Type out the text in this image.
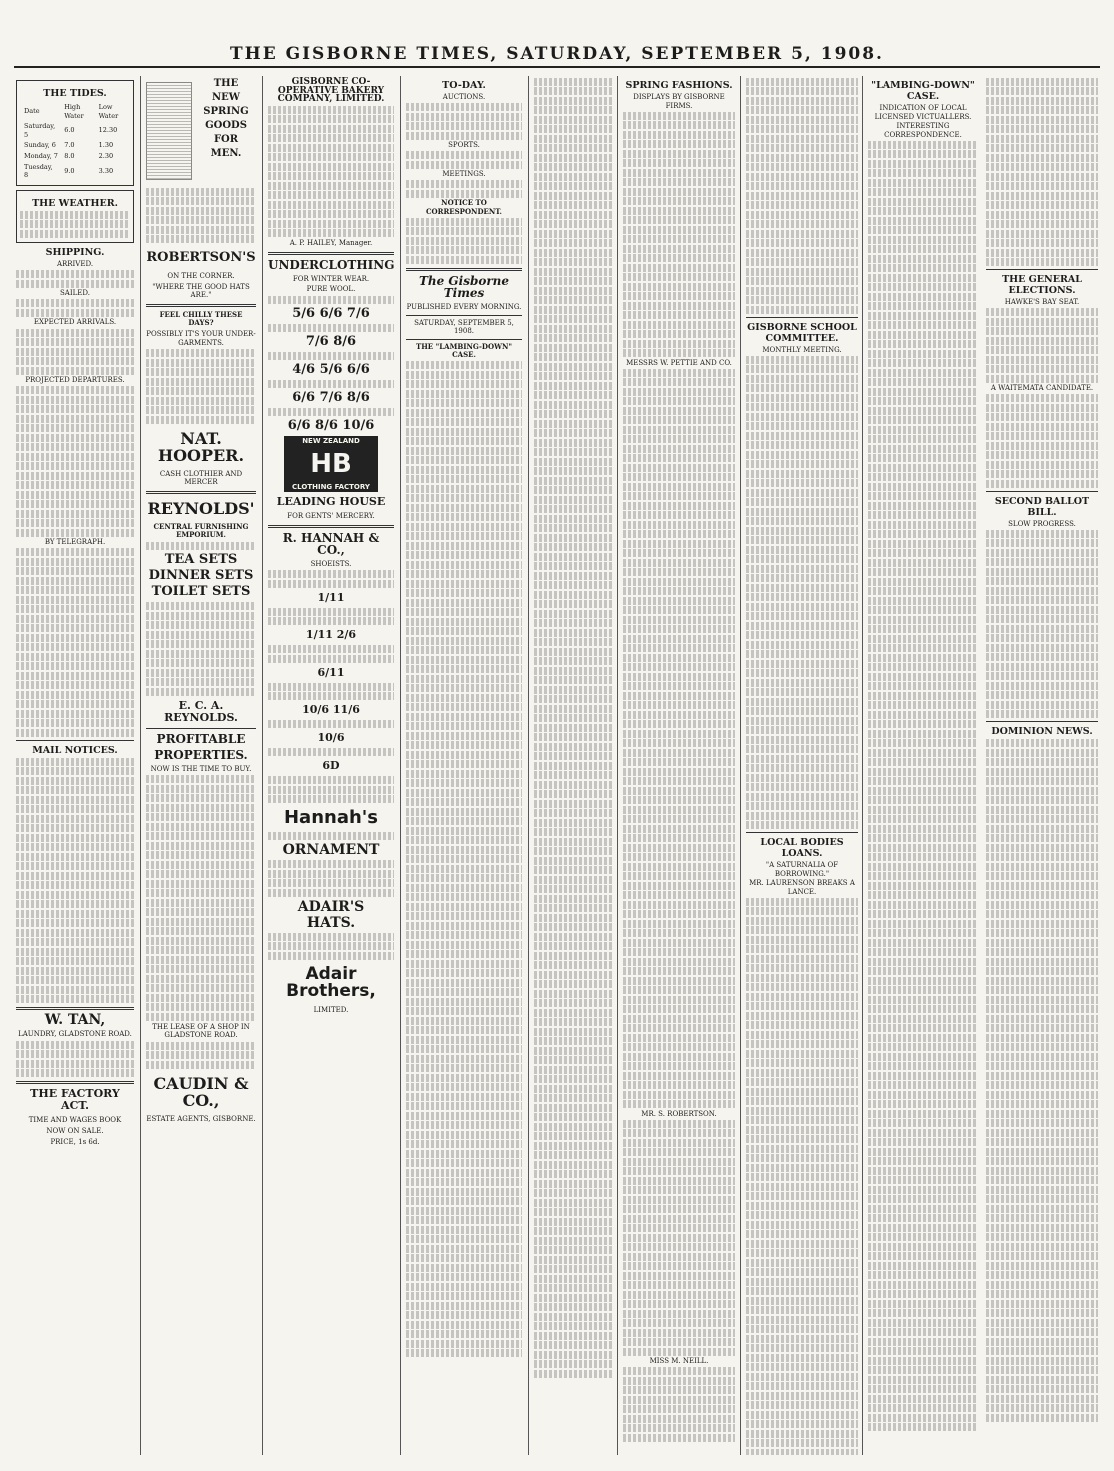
THE GISBORNE TIMES, SATURDAY, SEPTEMBER 5, 1908.
THE TIDES.
Date	High Water	Low Water
Saturday, 5	6.0	12.30
Sunday, 6	7.0	1.30
Monday, 7	8.0	2.30
Tuesday, 8	9.0	3.30
THE WEATHER.
SHIPPING.
ARRIVED.
SAILED.
EXPECTED ARRIVALS.
PROJECTED DEPARTURES.
BY TELEGRAPH.
MAIL NOTICES.
W. TAN,
LAUNDRY, GLADSTONE ROAD.
THE FACTORY ACT.
TIME AND WAGES BOOK
NOW ON SALE.
PRICE, 1s 6d.
THE
NEW
SPRING
GOODS
FOR
MEN.
ROBERTSON'S
ON THE CORNER.
"WHERE THE GOOD HATS ARE."
FEEL CHILLY THESE DAYS?
POSSIBLY IT'S YOUR UNDER-GARMENTS.
NAT. HOOPER.
CASH CLOTHIER AND MERCER
REYNOLDS'
CENTRAL FURNISHING EMPORIUM.
TEA SETS
DINNER SETS
TOILET SETS
E. C. A. REYNOLDS.
PROFITABLE
PROPERTIES.
NOW IS THE TIME TO BUY.
THE LEASE OF A SHOP IN GLADSTONE ROAD.
CAUDIN & CO.,
ESTATE AGENTS, GISBORNE.
GISBORNE CO-OPERATIVE BAKERY COMPANY, LIMITED.
A. P. HAILEY, Manager.
UNDERCLOTHING
FOR WINTER WEAR.
PURE WOOL.
5/6 6/6 7/6
7/6 8/6
4/6 5/6 6/6
6/6 7/6 8/6
6/6 8/6 10/6
NEW ZEALAND
HB
CLOTHING FACTORY
LEADING HOUSE
FOR GENTS' MERCERY.
R. HANNAH & CO.,
SHOEISTS.
1/11
1/11 2/6
6/11
10/6 11/6
10/6
6D
Hannah's
ORNAMENT
ADAIR'S
HATS.
Adair Brothers,
LIMITED.
TO-DAY.
AUCTIONS.
SPORTS.
MEETINGS.
NOTICE TO CORRESPONDENT.
The Gisborne Times
PUBLISHED EVERY MORNING.
SATURDAY, SEPTEMBER 5, 1908.
THE "LAMBING-DOWN" CASE.
SPRING FASHIONS.
DISPLAYS BY GISBORNE FIRMS.
MESSRS W. PETTIE AND CO.
MR. S. ROBERTSON.
MISS M. NEILL.
GISBORNE SCHOOL COMMITTEE.
MONTHLY MEETING.
LOCAL BODIES LOANS.
"A SATURNALIA OF BORROWING."
MR. LAURENSON BREAKS A LANCE.
"LAMBING-DOWN" CASE.
INDICATION OF LOCAL LICENSED VICTUALLERS.
INTERESTING CORRESPONDENCE.
THE GENERAL ELECTIONS.
HAWKE'S BAY SEAT.
A WAITEMATA CANDIDATE.
SECOND BALLOT BILL.
SLOW PROGRESS.
DOMINION NEWS.
